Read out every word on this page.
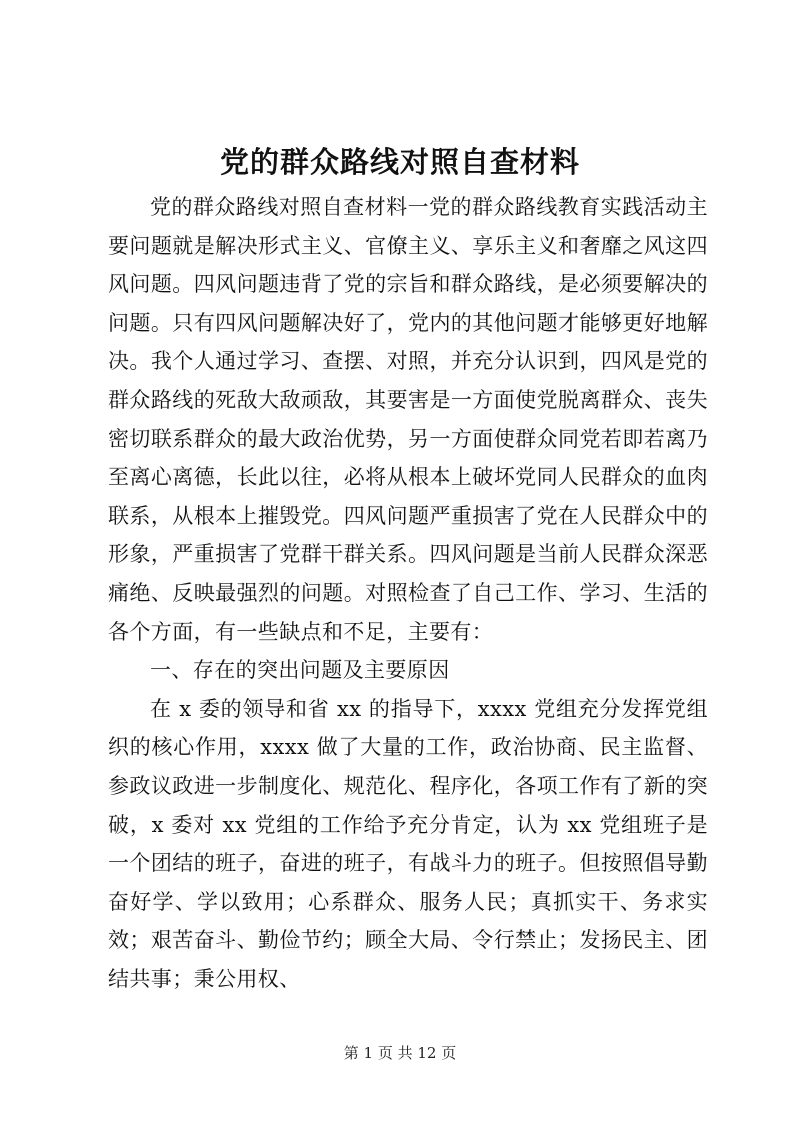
党的群众路线对照自查材料

党的群众路线对照自查材料一党的群众路线教育实践活动主要问题就是解决形式主义、官僚主义、享乐主义和奢靡之风这四风问题。四风问题违背了党的宗旨和群众路线，是必须要解决的问题。只有四风问题解决好了，党内的其他问题才能够更好地解决。我个人通过学习、查摆、对照，并充分认识到，四风是党的群众路线的死敌大敌顽敌，其要害是一方面使党脱离群众、丧失密切联系群众的最大政治优势，另一方面使群众同党若即若离乃至离心离德，长此以往，必将从根本上破坏党同人民群众的血肉联系，从根本上摧毁党。四风问题严重损害了党在人民群众中的形象，严重损害了党群干群关系。四风问题是当前人民群众深恶痛绝、反映最强烈的问题。对照检查了自己工作、学习、生活的各个方面，有一些缺点和不足，主要有：

一、存在的突出问题及主要原因

在 x 委的领导和省 xx 的指导下，xxxx 党组充分发挥党组织的核心作用，xxxx 做了大量的工作，政治协商、民主监督、参政议政进一步制度化、规范化、程序化，各项工作有了新的突破，x 委对 xx 党组的工作给予充分肯定，认为 xx 党组班子是一个团结的班子，奋进的班子，有战斗力的班子。但按照倡导勤奋好学、学以致用；心系群众、服务人民；真抓实干、务求实效；艰苦奋斗、勤俭节约；顾全大局、令行禁止；发扬民主、团结共事；秉公用权、

第 1 页 共 12 页
